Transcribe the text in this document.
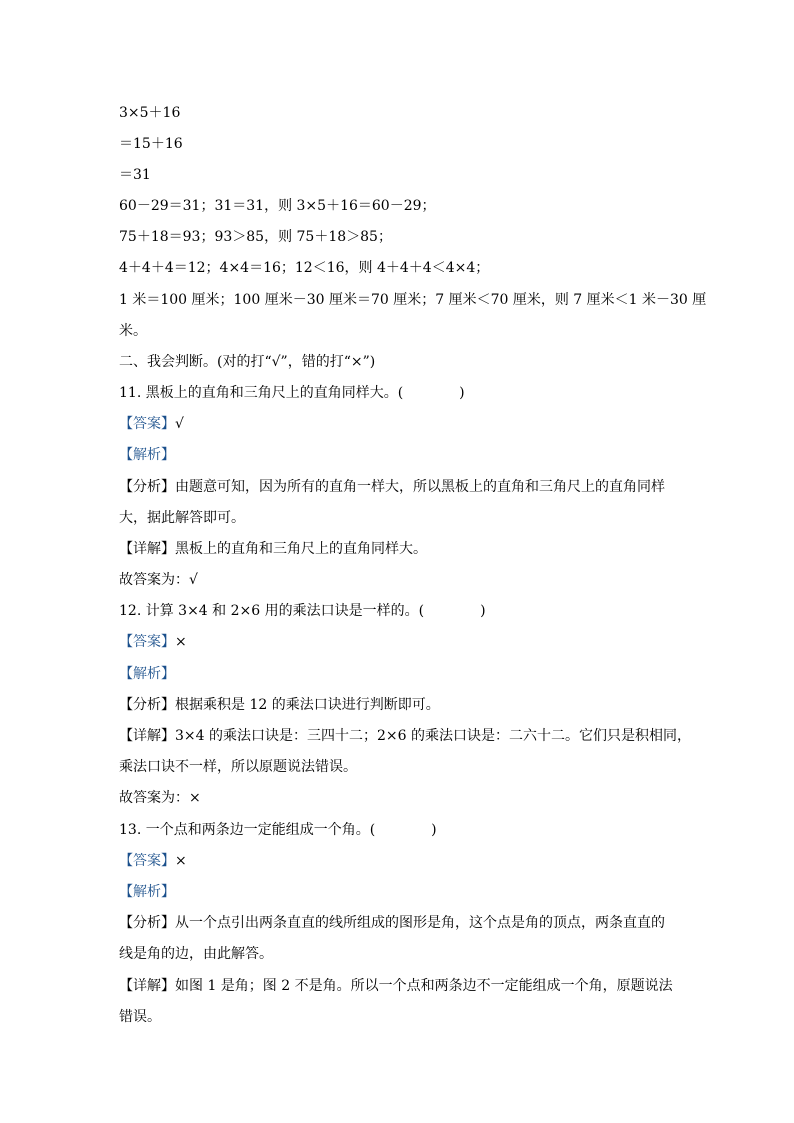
3×5＋16
＝15＋16
＝31
60－29＝31；31＝31，则 3×5＋16＝60－29；
75＋18＝93；93＞85，则 75＋18＞85；
4＋4＋4＝12；4×4＝16；12＜16，则 4＋4＋4＜4×4；
1 米＝100 厘米；100 厘米－30 厘米＝70 厘米；7 厘米＜70 厘米，则 7 厘米＜1 米－30 厘
米。
二、我会判断。(对的打“√”，错的打“×”)
11. 黑板上的直角和三角尺上的直角同样大。(　　　　)
【答案】√
【解析】
【分析】由题意可知，因为所有的直角一样大，所以黑板上的直角和三角尺上的直角同样
大，据此解答即可。
【详解】黑板上的直角和三角尺上的直角同样大。
故答案为：√
12. 计算 3×4 和 2×6 用的乘法口诀是一样的。(　　　　)
【答案】×
【解析】
【分析】根据乘积是 12 的乘法口诀进行判断即可。
【详解】3×4 的乘法口诀是：三四十二；2×6 的乘法口诀是：二六十二。它们只是积相同，
乘法口诀不一样，所以原题说法错误。
故答案为：×
13. 一个点和两条边一定能组成一个角。(　　　　)
【答案】×
【解析】
【分析】从一个点引出两条直直的线所组成的图形是角，这个点是角的顶点，两条直直的
线是角的边，由此解答。
【详解】如图 1 是角；图 2 不是角。所以一个点和两条边不一定能组成一个角，原题说法
错误。
